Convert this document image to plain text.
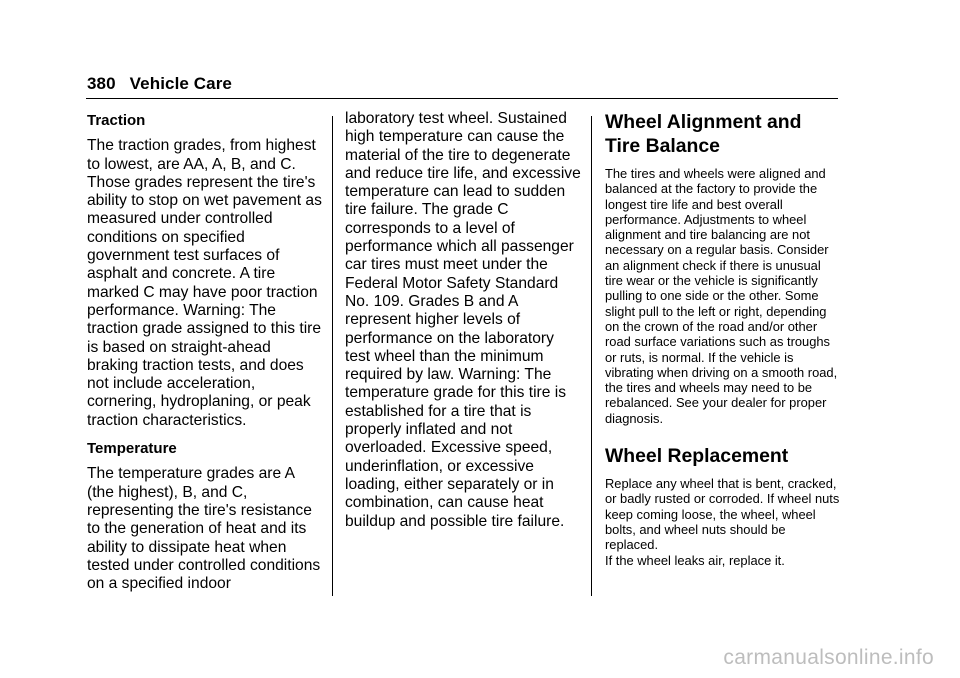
380 Vehicle Care
Traction

The traction grades, from highest to lowest, are AA, A, B, and C. Those grades represent the tire's ability to stop on wet pavement as measured under controlled conditions on specified government test surfaces of asphalt and concrete. A tire marked C may have poor traction performance. Warning: The traction grade assigned to this tire is based on straight-ahead braking traction tests, and does not include acceleration, cornering, hydroplaning, or peak traction characteristics.

Temperature

The temperature grades are A (the highest), B, and C, representing the tire's resistance to the generation of heat and its ability to dissipate heat when tested under controlled conditions on a specified indoor

laboratory test wheel. Sustained high temperature can cause the material of the tire to degenerate and reduce tire life, and excessive temperature can lead to sudden tire failure. The grade C corresponds to a level of performance which all passenger car tires must meet under the Federal Motor Safety Standard No. 109. Grades B and A represent higher levels of performance on the laboratory test wheel than the minimum required by law. Warning: The temperature grade for this tire is established for a tire that is properly inflated and not overloaded. Excessive speed, underinflation, or excessive loading, either separately or in combination, can cause heat buildup and possible tire failure.

Wheel Alignment and Tire Balance

The tires and wheels were aligned and balanced at the factory to provide the longest tire life and best overall performance. Adjustments to wheel alignment and tire balancing are not necessary on a regular basis. Consider an alignment check if there is unusual tire wear or the vehicle is significantly pulling to one side or the other. Some slight pull to the left or right, depending on the crown of the road and/or other road surface variations such as troughs or ruts, is normal. If the vehicle is vibrating when driving on a smooth road, the tires and wheels may need to be rebalanced. See your dealer for proper diagnosis.

Wheel Replacement

Replace any wheel that is bent, cracked, or badly rusted or corroded. If wheel nuts keep coming loose, the wheel, wheel bolts, and wheel nuts should be replaced.

If the wheel leaks air, replace it.

carmanualsonline.info
